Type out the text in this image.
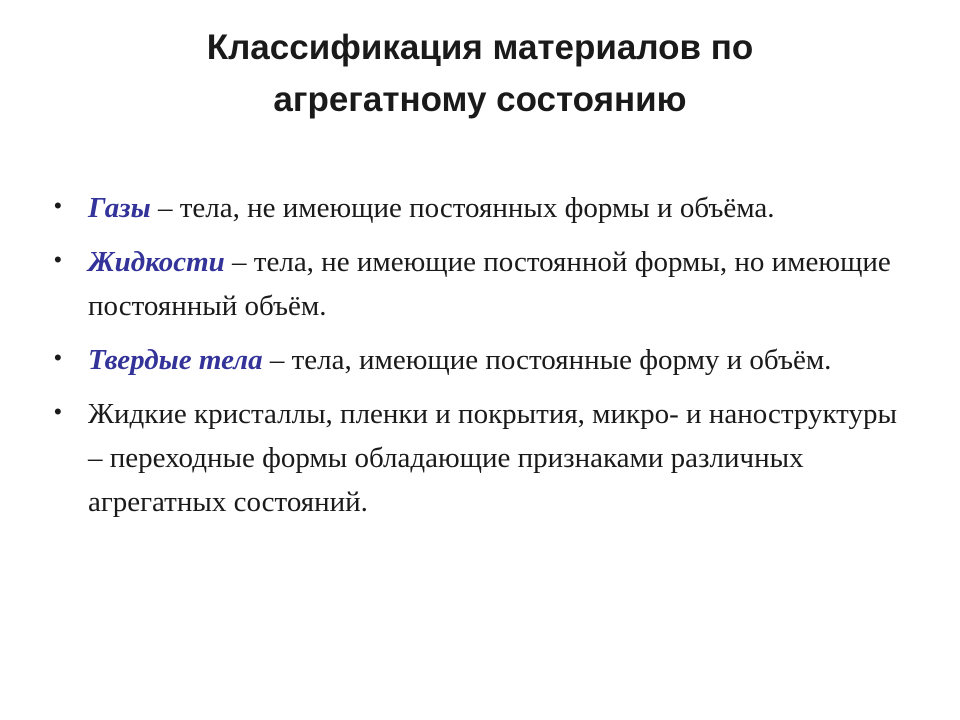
Классификация материалов по
агрегатному состоянию
• Газы – тела, не имеющие постоянных формы и объёма.
• Жидкости – тела, не имеющие постоянной формы, но имеющие постоянный объём.
• Твердые тела – тела, имеющие постоянные форму и объём.
• Жидкие кристаллы, пленки и покрытия, микро- и наноструктуры – переходные формы обладающие признаками различных агрегатных состояний.
